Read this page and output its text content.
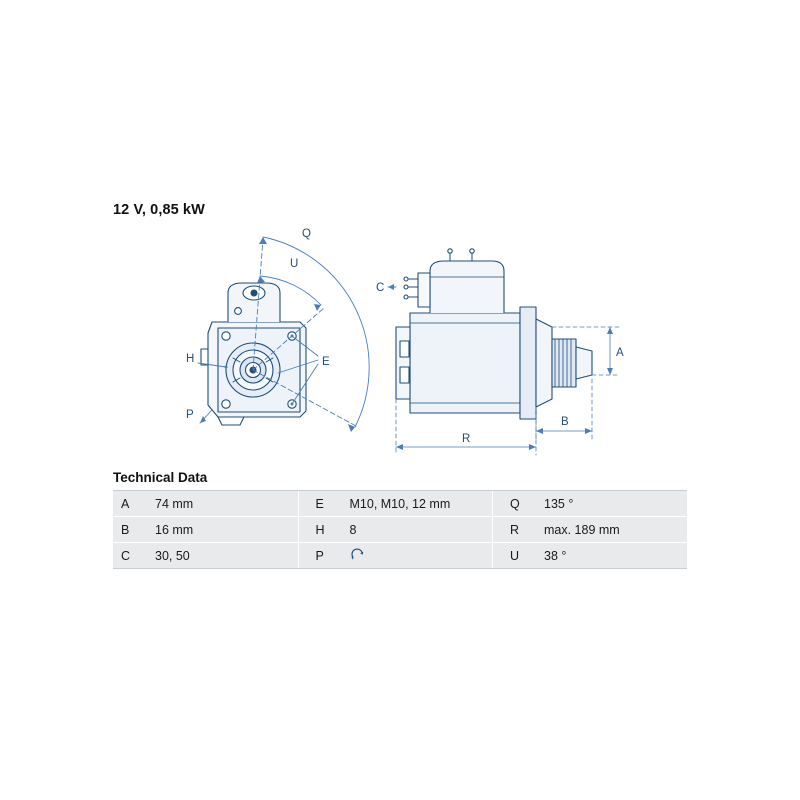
12 V, 0,85 kW
Q
U
C
A
B
R
E
H
P
Technical Data
A	74 mm		E	M10, M10, 12 mm		Q	135 °
B	16 mm		H	8		R	max. 189 mm
C	30, 50		P			U	38 °
